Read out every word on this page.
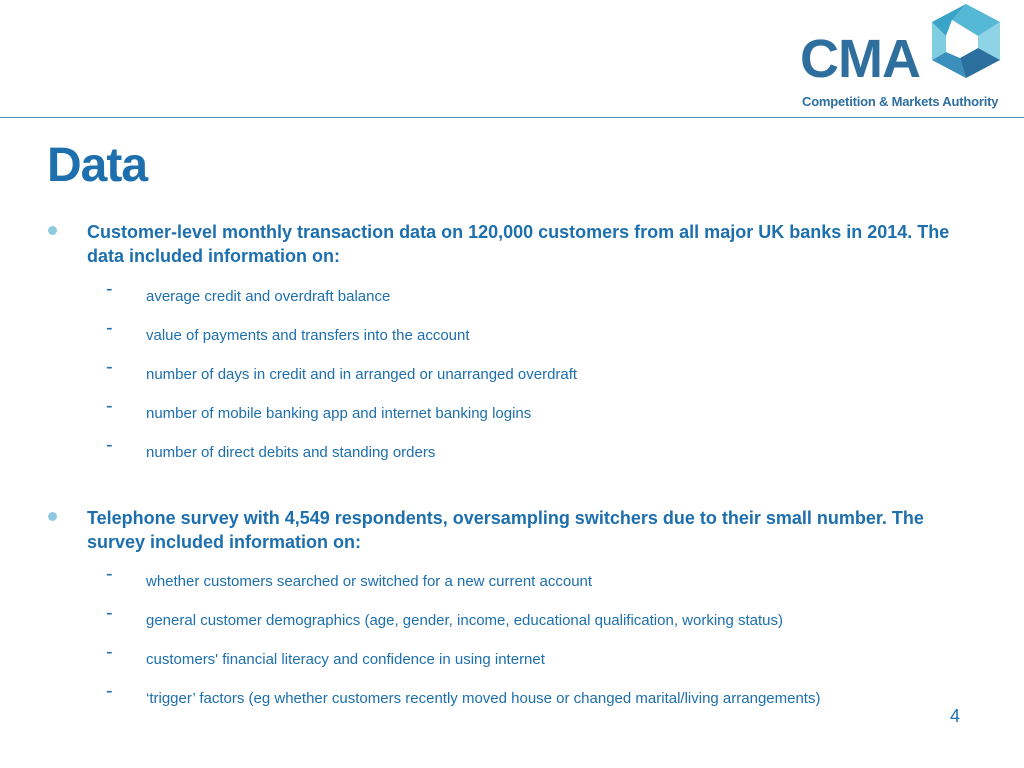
CMA
Competition & Markets Authority
Data
Customer-level monthly transaction data on 120,000 customers from all major UK banks in 2014. The data included information on:
- average credit and overdraft balance
- value of payments and transfers into the account
- number of days in credit and in arranged or unarranged overdraft
- number of mobile banking app and internet banking logins
- number of direct debits and standing orders
Telephone survey with 4,549 respondents, oversampling switchers due to their small number. The survey included information on:
- whether customers searched or switched for a new current account
- general customer demographics (age, gender, income, educational qualification, working status)
- customers' financial literacy and confidence in using internet
- ‘trigger’ factors (eg whether customers recently moved house or changed marital/living arrangements)
4
